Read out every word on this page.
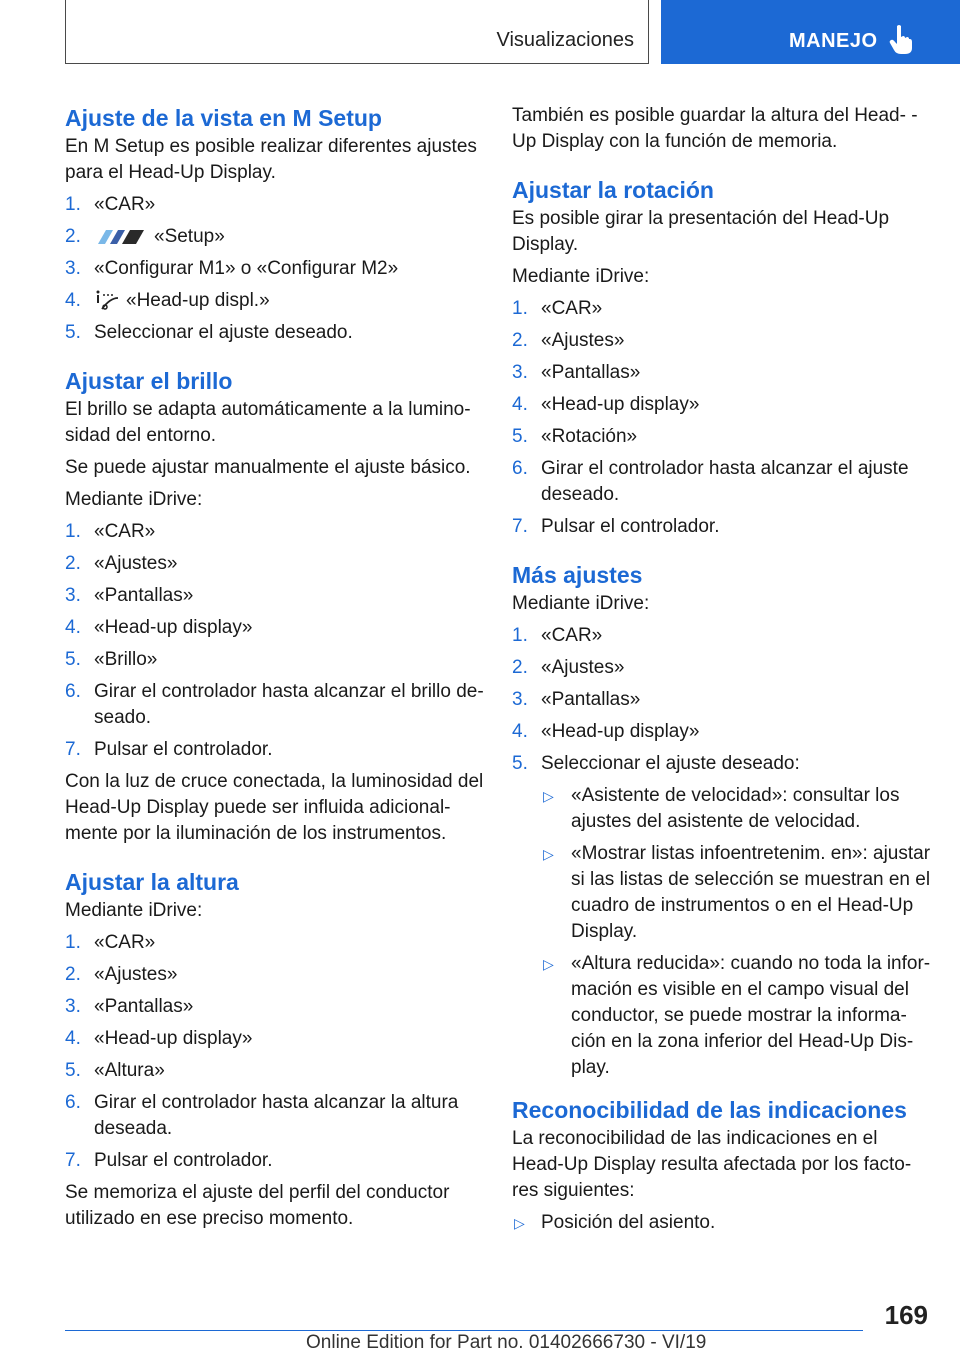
Visualizaciones	MANEJO
Ajuste de la vista en M Setup

En M Setup es posible realizar diferentes ajustes para el Head-Up Display.

1. «CAR»
2.	«Setup»
3. «Configurar M1» o «Configurar M2»
4. «Head-up displ.»
5. Seleccionar el ajuste deseado.
Ajustar el brillo

El brillo se adapta automáticamente a la lumino- sidad del entorno.

Se puede ajustar manualmente el ajuste básico.

Mediante iDrive:

1. «CAR»
2. «Ajustes»
3. «Pantallas»
4. «Head-up display»
5. «Brillo»
6. Girar el controlador hasta alcanzar el brillo de- seado.
7. Pulsar el controlador.

Con la luz de cruce conectada, la luminosidad del Head-Up Display puede ser influida adicional- mente por la iluminación de los instrumentos.

Ajustar la altura

Mediante iDrive:

1. «CAR»
2. «Ajustes»
3. «Pantallas»
4. «Head-up display»
5. «Altura»
6. Girar el controlador hasta alcanzar la altura deseada.
7. Pulsar el controlador.

Se memoriza el ajuste del perfil del conductor utilizado en ese preciso momento.

También es posible guardar la altura del Head- -Up Display con la función de memoria.

Ajustar la rotación

Es posible girar la presentación del Head-Up Display.

Mediante iDrive:

1. «CAR»
2. «Ajustes»
3. «Pantallas»
4. «Head-up display»
5. «Rotación»
6. Girar el controlador hasta alcanzar el ajuste deseado.
7. Pulsar el controlador.
Más ajustes

Mediante iDrive:

1. «CAR»
2. «Ajustes»
3. «Pantallas»
4. «Head-up display»
5. Seleccionar el ajuste deseado:
▷ «Asistente de velocidad»: consultar los ajustes del asistente de velocidad.
▷ «Mostrar listas infoentretenim. en»: ajustar si las listas de selección se muestran en el cuadro de instrumentos o en el Head-Up Display.
▷ «Altura reducida»: cuando no toda la infor- mación es visible en el campo visual del conductor, se puede mostrar la informa- ción en la zona inferior del Head-Up Dis- play.
Reconocibilidad de las indicaciones

La reconocibilidad de las indicaciones en el Head-Up Display resulta afectada por los facto- res siguientes:

▷ Posición del asiento.
169
Online Edition for Part no. 01402666730 - VI/19
